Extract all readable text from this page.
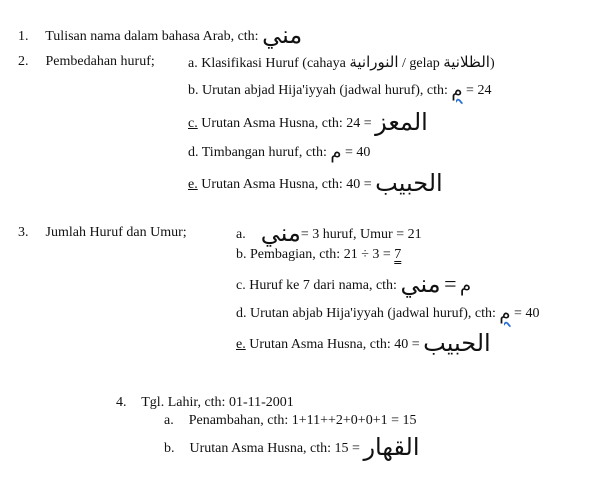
1. Tulisan nama dalam bahasa Arab, cth: مني
2. Pembedahan huruf; a. Klasifikasi Huruf (cahaya النورانية / gelap الظلانية)
b. Urutan abjad Hija'iyyah (jadwal huruf), cth: م = 24
c. Urutan Asma Husna, cth: 24 = المعز
d. Timbangan huruf, cth: م = 40
e. Urutan Asma Husna, cth: 40 = الحبيب
3. Jumlah Huruf dan Umur;	a. مني= 3 huruf, Umur = 21
b. Pembagian, cth: 21 ÷ 3 = 7
c. Huruf ke 7 dari nama, cth: مني = م
d. Urutan abjab Hija'iyyah (jadwal huruf), cth: م = 40
e. Urutan Asma Husna, cth: 40 = الحبيب
4. Tgl. Lahir, cth: 01-11-2001
a. Penambahan, cth: 1+11++2+0+0+1 = 15
b. Urutan Asma Husna, cth: 15 = القهار
